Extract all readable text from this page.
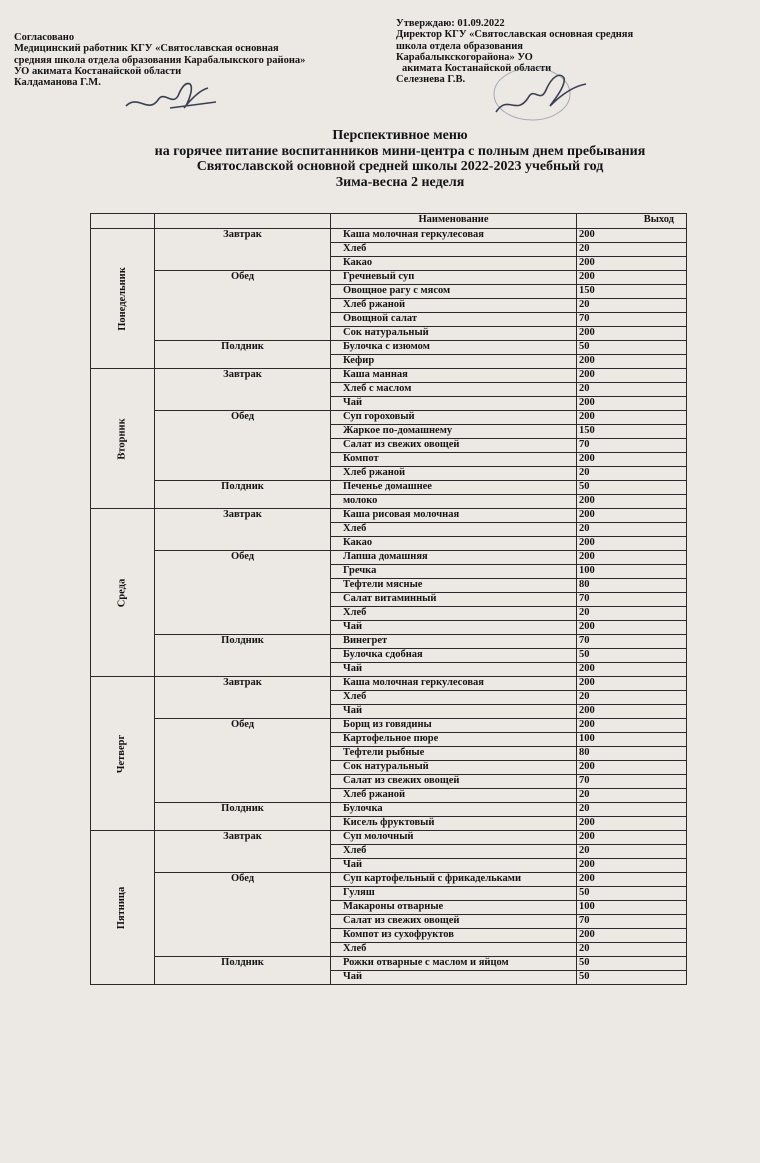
Согласовано
Медицинский работник КГУ «Святославская основная
средняя школа отдела образования Карабалыкского района»
УО акимата Костанайской области
Калдаманова Г.М.
Утверждаю: 01.09.2022
Директор КГУ «Святославская основная средняя
школа отдела образования
Карабалыкскогорайона» УО
акимата Костанайской области
Селезнева Г.В.
Перспективное меню
на горячее питание воспитанников мини-центра с полным днем пребывания
Святославской основной средней школы 2022-2023 учебный год
Зима-весна 2 неделя
		Наименование	Выход
Понедельник	Завтрак	Каша молочная геркулесовая	200
		Хлеб	20
		Какао	200
	Обед	Гречневый суп	200
		Овощное рагу с мясом	150
		Хлеб ржаной	20
		Овощной салат	70
		Сок натуральный	200
	Полдник	Булочка с изюмом	50
		Кефир	200
Вторник	Завтрак	Каша манная	200
		Хлеб с маслом	20
		Чай	200
	Обед	Суп гороховый	200
		Жаркое по-домашнему	150
		Салат из свежих овощей	70
		Компот	200
		Хлеб ржаной	20
	Полдник	Печенье домашнее	50
		молоко	200
Среда	Завтрак	Каша рисовая молочная	200
		Хлеб	20
		Какао	200
	Обед	Лапша домашняя	200
		Гречка	100
		Тефтели мясные	80
		Салат витаминный	70
		Хлеб	20
		Чай	200
	Полдник	Винегрет	70
		Булочка сдобная	50
		Чай	200
Четверг	Завтрак	Каша молочная геркулесовая	200
		Хлеб	20
		Чай	200
	Обед	Борщ из говядины	200
		Картофельное пюре	100
		Тефтели рыбные	80
		Сок натуральный	200
		Салат из свежих овощей	70
		Хлеб ржаной	20
	Полдник	Булочка	20
		Кисель фруктовый	200
Пятница	Завтрак	Суп молочный	200
		Хлеб	20
		Чай	200
	Обед	Суп картофельный с фрикадельками	200
		Гуляш	50
		Макароны отварные	100
		Салат из свежих овощей	70
		Компот из сухофруктов	200
		Хлеб	20
	Полдник	Рожки отварные с маслом и яйцом	50
		Чай	50
